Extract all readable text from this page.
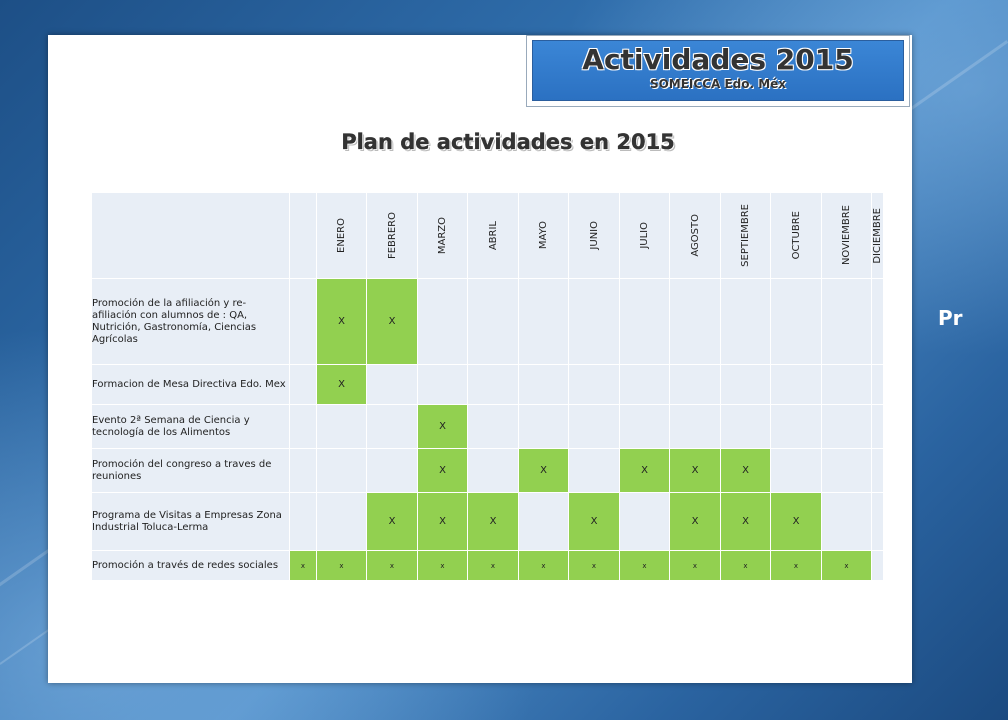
Pr
Actividades 2015
SOMEICCA Edo. Méx
Plan de actividades en 2015

		ENERO	FEBRERO	MARZO	ABRIL	MAYO	JUNIO	JULIO	AGOSTO	SEPTIEMBRE	OCTUBRE	NOVIEMBRE	DICIEMBRE

Promoción de la afiliación y re-afiliación con alumnos de : QA, Nutrición, Gastronomía, Ciencias Agrícolas		X	X										
Formacion de Mesa Directiva Edo. Mex		X											
Evento 2ª Semana de Ciencia y tecnología de los Alimentos				X									
Promoción del congreso a traves de reuniones				X		X		X	X	X			
Programa de Visitas a Empresas Zona Industrial Toluca-Lerma			X	X	X		X		X	X	X		
Promoción a través de redes sociales	x	x	x	x	x	x	x	x	x	x	x	x	
